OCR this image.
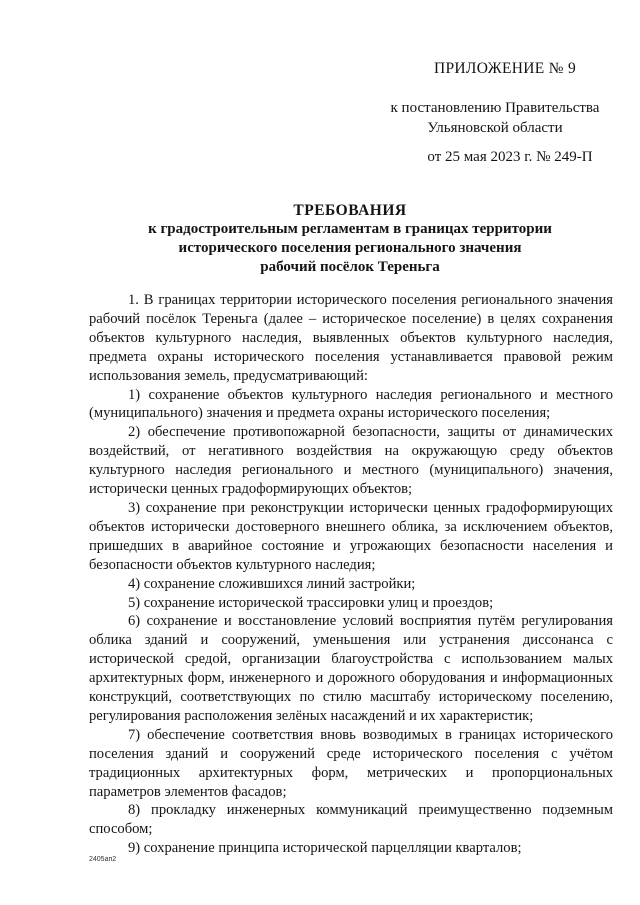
ПРИЛОЖЕНИЕ № 9
к постановлению Правительства
Ульяновской области
от 25 мая 2023 г. № 249-П
ТРЕБОВАНИЯ
к градостроительным регламентам в границах территории
исторического поселения регионального значения
рабочий посёлок Тереньга

1. В границах территории исторического поселения регионального значения рабочий посёлок Тереньга (далее – историческое поселение) в целях сохранения объектов культурного наследия, выявленных объектов культурного наследия, предмета охраны исторического поселения устанавливается правовой режим использования земель, предусматривающий:

1) сохранение объектов культурного наследия регионального и местного (муниципального) значения и предмета охраны исторического поселения;

2) обеспечение противопожарной безопасности, защиты от динамических воздействий, от негативного воздействия на окружающую среду объектов культурного наследия регионального и местного (муниципального) значения, исторически ценных градоформирующих объектов;

3) сохранение при реконструкции исторически ценных градоформирующих объектов исторически достоверного внешнего облика, за исключением объектов, пришедших в аварийное состояние и угрожающих безопасности населения и безопасности объектов культурного наследия;

4) сохранение сложившихся линий застройки;

5) сохранение исторической трассировки улиц и проездов;

6) сохранение и восстановление условий восприятия путём регулирования облика зданий и сооружений, уменьшения или устранения диссонанса с исторической средой, организации благоустройства с использованием малых архитектурных форм, инженерного и дорожного оборудования и информационных конструкций, соответствующих по стилю масштабу историческому поселению, регулирования расположения зелёных насаждений и их характеристик;

7) обеспечение соответствия вновь возводимых в границах исторического поселения зданий и сооружений среде исторического поселения с учётом традиционных архитектурных форм, метрических и пропорциональных параметров элементов фасадов;

8) прокладку инженерных коммуникаций преимущественно подземным способом;

9) сохранение принципа исторической парцелляции кварталов;

2405ап2
